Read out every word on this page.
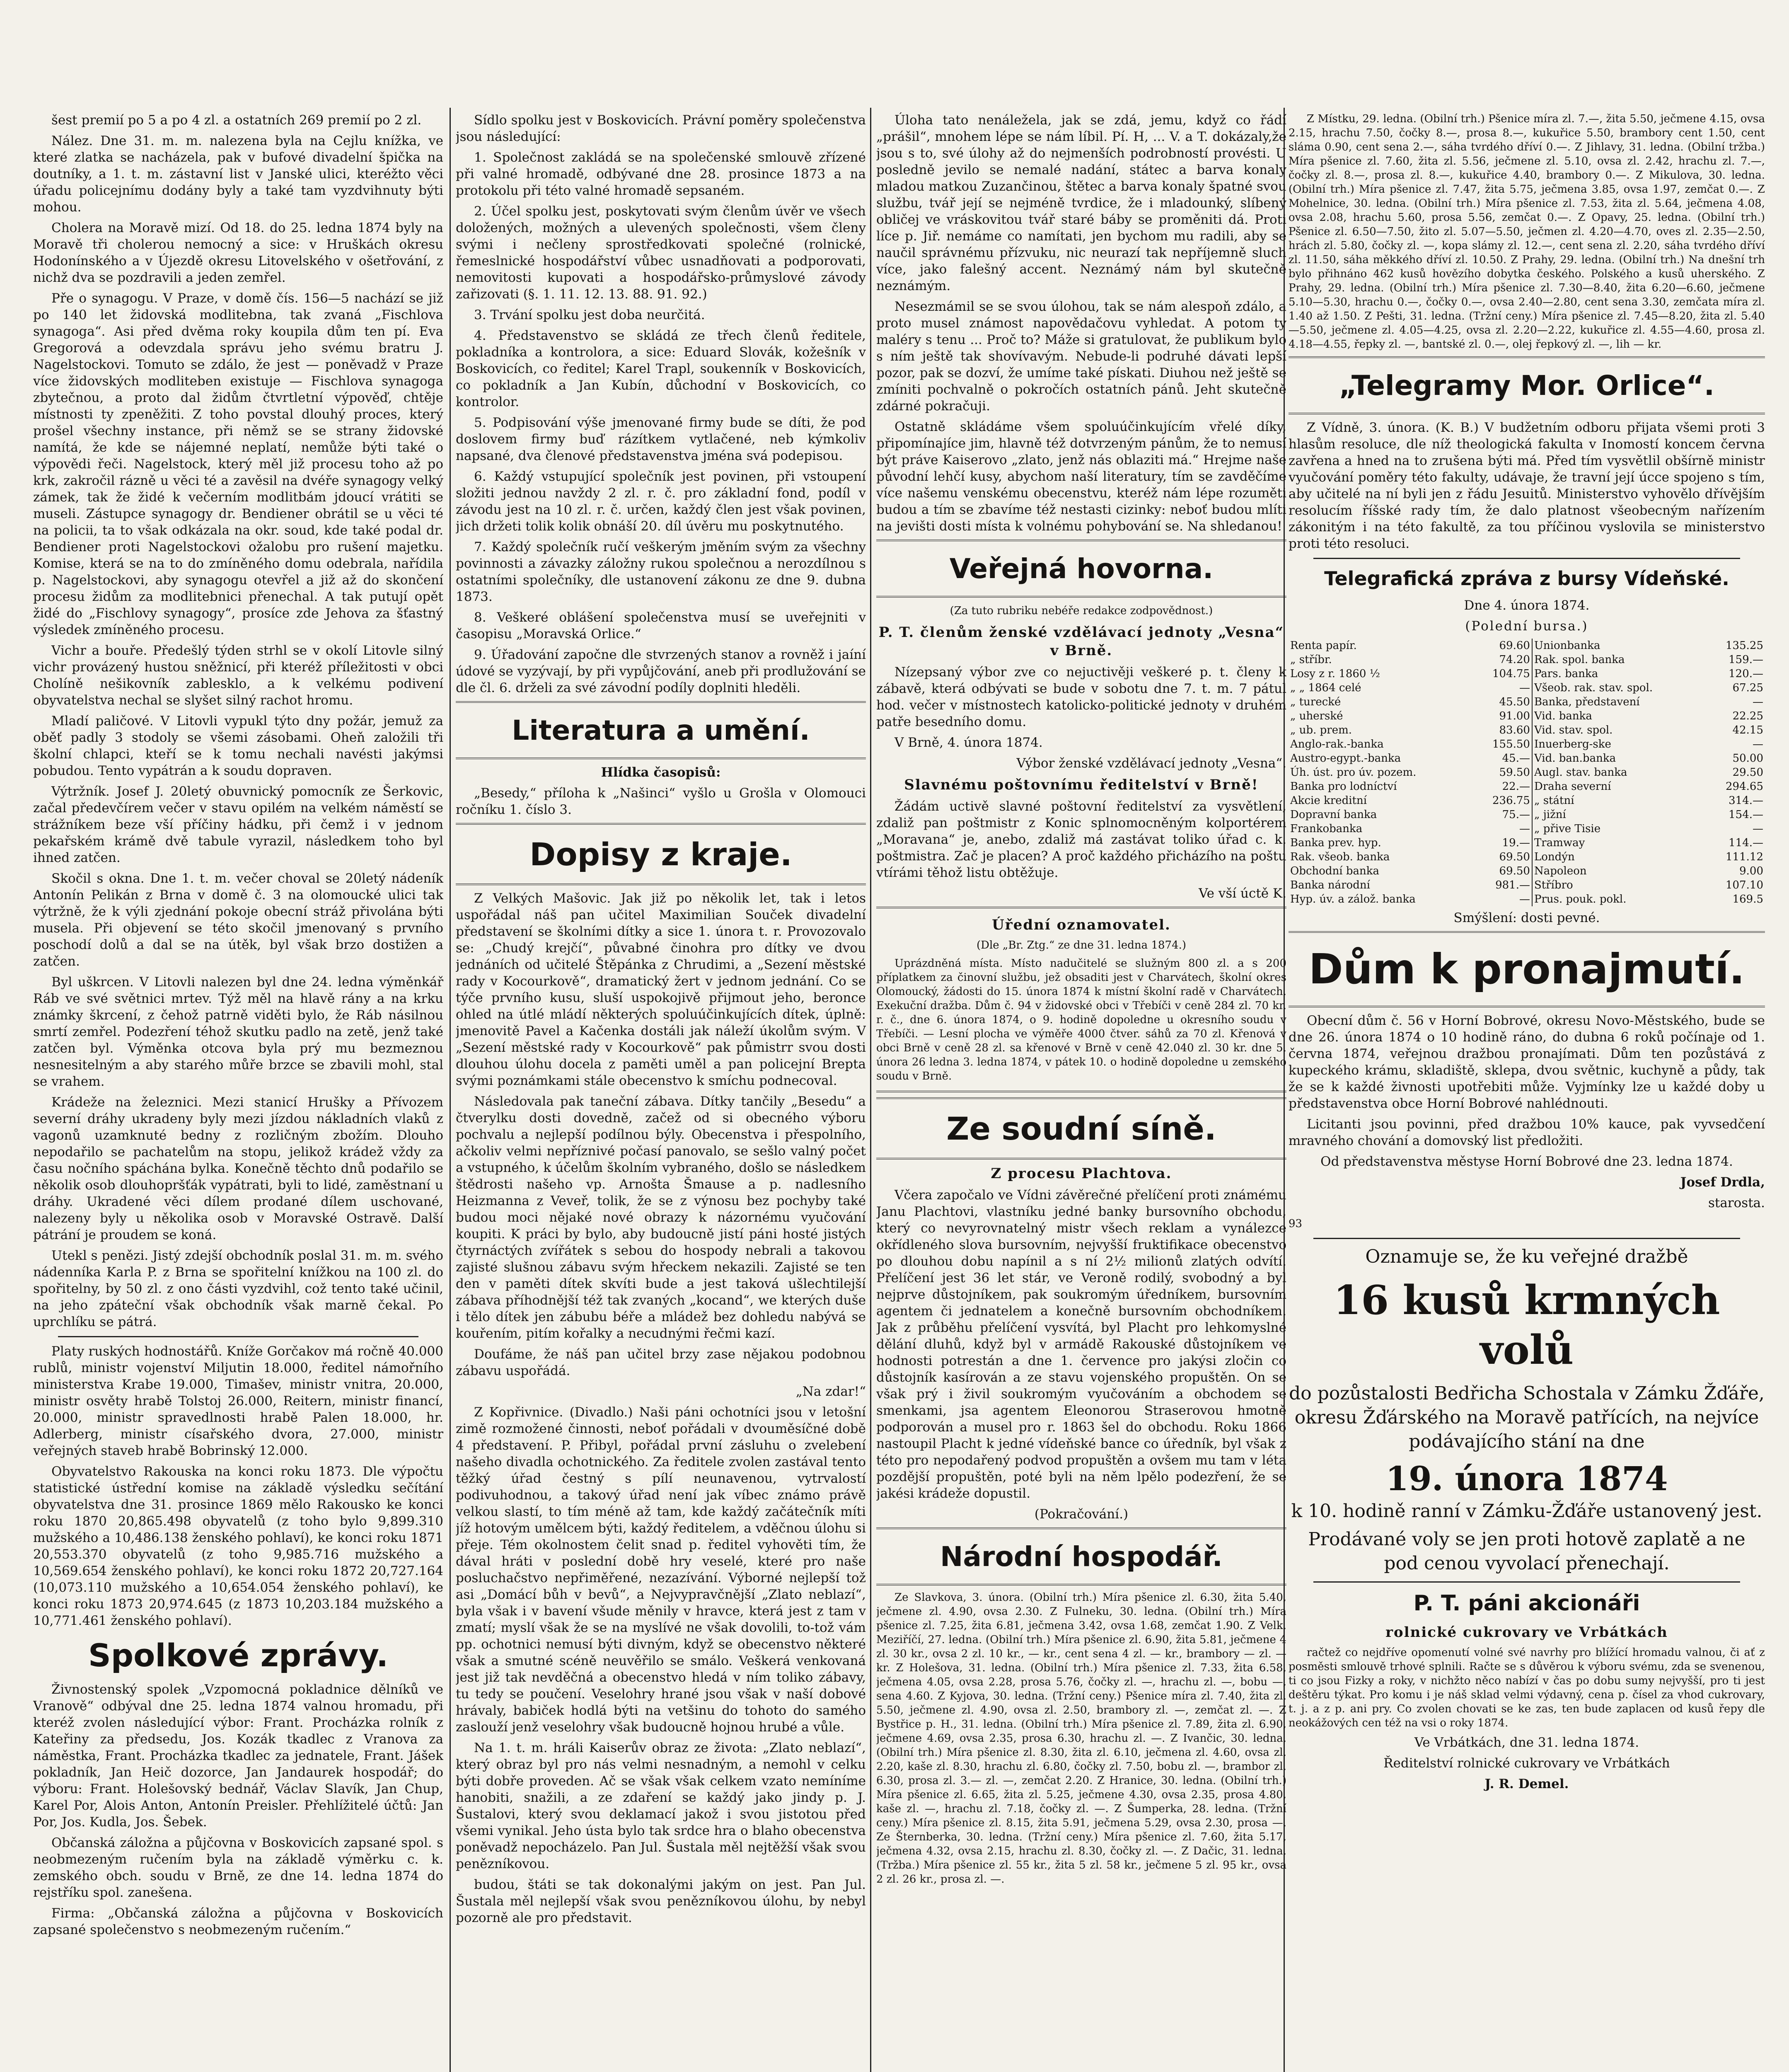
šest premií po 5 a po 4 zl. a ostatních 269 premií po 2 zl.

Nález. Dne 31. m. m. nalezena byla na Cejlu knížka, ve které zlatka se nacházela, pak v bufové divadelní špička na doutníky, a 1. t. m. zástavní list v Janské ulici, kteréžto věci úřadu policejnímu dodány byly a také tam vyzdvihnuty býti mohou.

Cholera na Moravě mizí. Od 18. do 25. ledna 1874 byly na Moravě tři cholerou nemocný a sice: v Hruškách okresu Hodonínského a v Újezdě okresu Litovelského v ošetřování, z nichž dva se pozdravili a jeden zemřel.

Pře o synagogu. V Praze, v domě čís. 156—5 nachází se již po 140 let židovská modlitebna, tak zvaná „Fischlova synagoga“. Asi před dvěma roky koupila dům ten pí. Eva Gregorová a odevzdala správu jeho svému bratru J. Nagelstockovi. Tomuto se zdálo, že jest — poněvadž v Praze více židovských modliteben existuje — Fischlova synagoga zbytečnou, a proto dal židům čtvrtletní výpověď, chtěje místnosti ty zpeněžiti. Z toho povstal dlouhý proces, který prošel všechny instance, při němž se se strany židovské namítá, že kde se nájemné neplatí, nemůže býti také o výpovědi řeči. Nagelstock, který měl již procesu toho až po krk, zakročil rázně u věci té a zavěsil na dvéře synagogy velký zámek, tak že židé k večerním modlitbám jdoucí vrátiti se museli. Zástupce synagogy dr. Bendiener obrátil se u věci té na policii, ta to však odkázala na okr. soud, kde také podal dr. Bendiener proti Nagelstockovi ožalobu pro rušení majetku. Komise, která se na to do zmíněného domu odebrala, nařídila p. Nagelstockovi, aby synagogu otevřel a již až do skončení procesu židům za modlitebnici přenechal. A tak putují opět židé do „Fischlovy synagogy“, prosíce zde Jehova za šťastný výsledek zmíněného procesu.

Vichr a bouře. Předešlý týden strhl se v okolí Litovle silný vichr provázený hustou sněžnicí, při kteréž příležitosti v obci Cholíně nešikovník zablesklo, a k velkému podivení obyvatelstva nechal se slyšet silný rachot hromu.

Mladí paličové. V Litovli vypukl týto dny požár, jemuž za oběť padly 3 stodoly se všemi zásobami. Oheň založili tři školní chlapci, kteří se k tomu nechali navésti jakýmsi pobudou. Tento vypátrán a k soudu dopraven.

Výtržník. Josef J. 20letý obuvnický pomocník ze Šerkovic, začal předevčírem večer v stavu opilém na velkém náměstí se strážníkem beze vší příčiny hádku, při čemž i v jednom pekařském krámě dvě tabule vyrazil, následkem toho byl ihned zatčen.

Skočil s okna. Dne 1. t. m. večer choval se 20letý nádeník Antonín Pelikán z Brna v domě č. 3 na olomoucké ulici tak výtržně, že k výli zjednání pokoje obecní stráž přivolána býti musela. Při objevení se této skočil jmenovaný s prvního poschodí dolů a dal se na útěk, byl však brzo dostižen a zatčen.

Byl uškrcen. V Litovli nalezen byl dne 24. ledna výměnkář Ráb ve své světnici mrtev. Týž měl na hlavě rány a na krku známky škrcení, z čehož patrně viděti bylo, že Ráb násilnou smrtí zemřel. Podezření téhož skutku padlo na zetě, jenž také zatčen byl. Výměnka otcova byla prý mu bezmeznou nesnesitelným a aby starého můře brzce se zbavili mohl, stal se vrahem.

Krádeže na železnici. Mezi stanicí Hrušky a Přívozem severní dráhy ukradeny byly mezi jízdou nákladních vlaků z vagonů uzamknuté bedny z rozličným zbožím. Dlouho nepodařilo se pachatelům na stopu, jelikož krádež vždy za času nočního spáchána bylka. Konečně těchto dnů podařilo se několik osob dlouhopršťák vypátrati, byli to lidé, zaměstnaní u dráhy. Ukradené věci dílem prodané dílem uschované, nalezeny byly u několika osob v Moravské Ostravě. Další pátrání je proudem se koná.

Utekl s penězi. Jistý zdejší obchodník poslal 31. m. m. svého nádenníka Karla P. z Brna se spořitelní knížkou na 100 zl. do spořitelny, by 50 zl. z ono části vyzdvihl, což tento také učinil, na jeho zpáteční však obchodník však marně čekal. Po uprchlíku se pátrá.

Platy ruských hodnostářů. Kníže Gorčakov má ročně 40.000 rublů, ministr vojenství Miljutin 18.000, ředitel námořního ministerstva Krabe 19.000, Timašev, ministr vnitra, 20.000, ministr osvěty hrabě Tolstoj 26.000, Reitern, ministr financí, 20.000, ministr spravedlnosti hrabě Palen 18.000, hr. Adlerberg, ministr císařského dvora, 27.000, ministr veřejných staveb hrabě Bobrinský 12.000.

Obyvatelstvo Rakouska na konci roku 1873. Dle výpočtu statistické ústřední komise na základě výsledku sečítání obyvatelstva dne 31. prosince 1869 mělo Rakousko ke konci roku 1870 20,865.498 obyvatelů (z toho bylo 9,899.310 mužského a 10,486.138 ženského pohlaví), ke konci roku 1871 20,553.370 obyvatelů (z toho 9,985.716 mužského a 10,569.654 ženského pohlaví), ke konci roku 1872 20,727.164 (10,073.110 mužského a 10,654.054 ženského pohlaví), ke konci roku 1873 20,974.645 (z 1873 10,203.184 mužského a 10,771.461 ženského pohlaví).

Spolkové zprávy.

Živnostenský spolek „Vzpomocná pokladnice dělníků ve Vranově“ odbýval dne 25. ledna 1874 valnou hromadu, při kteréž zvolen následující výbor: Frant. Procházka rolník z Kateřiny za předsedu, Jos. Kozák tkadlec z Vranova za náměstka, Frant. Procházka tkadlec za jednatele, Frant. Jášek pokladník, Jan Heič dozorce, Jan Jandaurek hospodář; do výboru: Frant. Holešovský bednář, Václav Slavík, Jan Chup, Karel Por, Alois Anton, Antonín Preisler. Přehlížitelé účtů: Jan Por, Jos. Kudla, Jos. Šebek.

Občanská záložna a půjčovna v Boskovicích zapsané spol. s neobmezeným ručením byla na základě výměrku c. k. zemského obch. soudu v Brně, ze dne 14. ledna 1874 do rejstříku spol. zanešena.

Firma: „Občanská záložna a půjčovna v Boskovicích zapsané společenstvo s neobmezeným ručením.“

Sídlo spolku jest v Boskovicích. Právní poměry společenstva jsou následující:

1. Společnost zakládá se na společenské smlouvě zřízené při valné hromadě, odbývané dne 28. prosince 1873 a na protokolu při této valné hromadě sepsaném.

2. Účel spolku jest, poskytovati svým členům úvěr ve všech doložených, možných a ulevených společnosti, všem členy svými i nečleny sprostředkovati společné (rolnické, řemeslnické hospodářství vůbec usnadňovati a podporovati, nemovitosti kupovati a hospodářsko-průmyslové závody zařizovati (§. 1. 11. 12. 13. 88. 91. 92.)

3. Trvání spolku jest doba neurčitá.

4. Představenstvo se skládá ze třech členů ředitele, pokladníka a kontrolora, a sice: Eduard Slovák, kožešník v Boskovicích, co ředitel; Karel Trapl, soukenník v Boskovicích, co pokladník a Jan Kubín, důchodní v Boskovicích, co kontrolor.

5. Podpisování výše jmenované firmy bude se díti, že pod doslovem firmy buď rázítkem vytlačené, neb kýmkoliv napsané, dva členové představenstva jména svá podepisou.

6. Každý vstupující společník jest povinen, při vstoupení složiti jednou navždy 2 zl. r. č. pro základní fond, podíl v závodu jest na 10 zl. r. č. určen, každý člen jest však povinen, jich držeti tolik kolik obnáší 20. díl úvěru mu poskytnutého.

7. Každý společník ručí veškerým jměním svým za všechny povinnosti a závazky záložny rukou společnou a nerozdílnou s ostatními společníky, dle ustanovení zákonu ze dne 9. dubna 1873.

8. Veškeré oblášení společenstva musí se uveřejniti v časopisu „Moravská Orlice.“

9. Úřadování započne dle stvrzených stanov a rovněž i jaíní údové se vyzývají, by při vypůjčování, aneb při prodlužování se dle čl. 6. drželi za své závodní podíly doplniti hleděli.

Literatura a umění.

Hlídka časopisů:

„Besedy,“ příloha k „Našinci“ vyšlo u Grošla v Olomouci ročníku 1. číslo 3.

Dopisy z kraje.

Z Velkých Mašovic. Jak již po několik let, tak i letos uspořádal náš pan učitel Maximilian Souček divadelní představení se školními dítky a sice 1. února t. r. Provozovalo se: „Chudý krejčí“, půvabné činohra pro dítky ve dvou jednáních od učitelé Štěpánka z Chrudimi, a „Sezení městské rady v Kocourkově“, dramatický žert v jednom jednání. Co se týče prvního kusu, sluší uspokojivě přijmout jeho, beronce ohled na útlé mládí některých spoluúčinkujících dítek, úplně: jmenovitě Pavel a Kačenka dostáli jak náleží úkolům svým. V „Sezení městské rady v Kocourkově“ pak půmistrr svou dosti dlouhou úlohu docela z paměti uměl a pan policejní Brepta svými poznámkami stále obecenstvo k smíchu podnecoval.

Následovala pak taneční zábava. Dítky tančily „Besedu“ a čtverylku dosti dovedně, začež od si obecného výboru pochvalu a nejlepší podílnou býly. Obecenstva i přespolního, ačkoliv velmi nepříznivé počasí panovalo, se sešlo valný počet a vstupného, k účelům školním vybraného, došlo se následkem štědrosti našeho vp. Arnošta Šmause a p. nadlesního Heizmanna z Veveř, tolik, že se z výnosu bez pochyby také budou moci nějaké nové obrazy k názornému vyučování koupiti. K práci by bylo, aby budoucně jistí páni hosté jistých čtyrnáctých zvířátek s sebou do hospody nebrali a takovou zajisté slušnou zábavu svým hřeckem nekazili. Zajisté se ten den v paměti dítek skvíti bude a jest taková ušlechtilejší zábava příhodnější též tak zvaných „kocand“, we kterých duše i tělo dítek jen zábubu béře a mládež bez dohledu nabývá se kouřením, pitím kořalky a necudnými řečmi kazí.

Doufáme, že náš pan učitel brzy zase nějakou podobnou zábavu uspořádá.

„Na zdar!“

Z Kopřivnice. (Divadlo.) Naši páni ochotníci jsou v letošní zimě rozmožené činnosti, neboť pořádali v dvouměsíčné době 4 představení. P. Přibyl, pořádal první zásluhu o zvelebení našeho divadla ochotnického. Za ředitele zvolen zastával tento těžký úřad čestný s pílí neunavenou, vytrvalostí podivuhodnou, a takový úřad není jak víbec známo právě velkou slastí, to tím méně až tam, kde každý začátečník míti jíž hotovým umělcem býti, každý ředitelem, a vděčnou úlohu si přeje. Tém okolnostem čelit snad p. ředitel vyhověti tím, že dával hráti v poslední době hry veselé, které pro naše posluchačstvo nepřiměřené, nezazívání. Výborné nejlepší tož asi „Domácí bůh v bevů“, a Nejvypravčnější „Zlato neblazí“, byla však i v bavení všude měnily v hravce, která jest z tam v zmatí; myslí však že se na myslívé ne však dovolili, to-tož vám pp. ochotnici nemusí býti divným, když se obecenstvo některé však a smutné scéně neuvěřilo se smálo. Veškerá venkovaná jest již tak nevděčná a obecenstvo hledá v ním toliko zábavy, tu tedy se poučení. Veselohry hrané jsou však v naší dobové hrávaly, babiček hodlá býti na vetšinu do tohoto do samého zaslouží jenž veselohry však budoucně hojnou hrubé a vůle.

Na 1. t. m. hráli Kaiserův obraz ze života: „Zlato neblazí“, který obraz byl pro nás velmi nesnadným, a nemohl v celku býti dobře proveden. Ač se však však celkem vzato nemíníme hanobiti, snažili, a ze zdaření se každý jako jindy p. J. Šustalovi, který svou deklamací jakož i svou jistotou před všemi vynikal. Jeho ústa bylo tak srdce hra o blaho obecenstva poněvadž nepocházelo. Pan Jul. Šustala měl nejtěžší však svou penězníkovou.

budou, štáti se tak dokonalými jakým on jest. Pan Jul. Šustala měl nejlepší však svou penězníkovou úlohu, by nebyl pozorně ale pro představit.

Úloha tato nenáležela, jak se zdá, jemu, když co řádí „prášil“, mnohem lépe se nám líbil. Pí. H, ... V. a T. dokázaly,že jsou s to, své úlohy až do nejmenších podrobností provésti. U posledně jevilo se nemalé nadání, státec a barva konaly mladou matkou Zuzančinou, štětec a barva konaly špatné svou službu, tvář její se nejméně tvrdice, že i mladounký, slíbený obličej ve vráskovitou tvář staré báby se proměniti dá. Proti líce p. Jiř. nemáme co namítati, jen bychom mu radili, aby se naučil správnému přízvuku, nic neurazí tak nepříjemně sluch více, jako falešný accent. Neznámý nám byl skutečně neznámým.

Nesezmámil se se svou úlohou, tak se nám alespoň zdálo, a proto musel známost napovědačovu vyhledat. A potom ty maléry s tenu ... Proč to? Máže si gratulovat, že publikum bylo s ním ještě tak shovívavým. Nebude-li podruhé dávati lepší pozor, pak se dozví, že umíme také pískati. Diuhou než ještě se zmíniti pochvalně o pokročích ostatních pánů. Jeht skutečně zdárné pokračuji.

Ostatně skládáme všem spoluúčinkujícím vřelé díky, připomínajíce jim, hlavně též dotvrzeným pánům, že to nemusí být práve Kaiserovo „zlato, jenž nás oblaziti má.“ Hrejme naše původní lehčí kusy, abychom naší literatury, tím se zavděčíme více našemu venskému obecenstvu, kteréž nám lépe rozuměti budou a tím se zbavíme též nestasti cizinky: neboť budou mlíti na jevišti dosti místa k volnému pohybování se. Na shledanou!

Veřejná hovorna.

(Za tuto rubriku nebéře redakce zodpovědnost.)

P. T. členům ženské vzdělávací jednoty „Vesna“ v Brně.

Nízepsaný výbor zve co nejuctivěji veškeré p. t. členy k zábavě, která odbývati se bude v sobotu dne 7. t. m. 7 pátul hod. večer v místnostech katolicko-politické jednoty v druhém patře besedního domu.

V Brně, 4. února 1874.

Výbor ženské vzdělávací jednoty „Vesna“.

Slavnému poštovnímu ředitelství v Brně!

Žádám uctivě slavné poštovní ředitelství za vysvětlení, zdaliž pan poštmistr z Konic splnomocněným kolportérem „Moravana“ je, anebo, zdaliž má zastávat toliko úřad c. k. poštmistra. Zač je placen? A proč každého přicházího na poštu vtírámi těhož listu obtěžuje.

Ve vší úctě K.

Úřední oznamovatel.

(Dle „Br. Ztg.“ ze dne 31. ledna 1874.)

Uprázdněná místa. Místo nadučitelé se služným 800 zl. a s 200 příplatkem za činovní službu, jež obsaditi jest v Charvátech, školní okres Olomoucký, žádosti do 15. února 1874 k místní školní radě v Charvátech. Exekuční dražba. Dům č. 94 v židovské obci v Třebíči v ceně 284 zl. 70 kr. r. č., dne 6. února 1874, o 9. hodině dopoledne u okresního soudu v Třebíči. — Lesní plocha ve výměře 4000 čtver. sáhů za 70 zl. Křenová v obci Brně v ceně 28 zl. sa křenové v Brně v ceně 42.040 zl. 30 kr. dne 5. února 26 ledna 3. ledna 1874, v pátek 10. o hodině dopoledne u zemského soudu v Brně.

Ze soudní síně.
Z procesu Plachtova.

Včera započalo ve Vídni závěrečné přelíčení proti známému Janu Plachtovi, vlastníku jedné banky bursovního obchodu, který co nevyrovnatelný mistr všech reklam a vynálezce okřídleného slova bursovním, nejvyšší fruktifikace obecenstvo po dlouhou dobu napínil a s ní 2½ milionů zlatých odvítí. Přelíčení jest 36 let stár, ve Veroně rodilý, svobodný a byl nejprve důstojníkem, pak soukromým úředníkem, bursovním agentem či jednatelem a konečně bursovním obchodníkem. Jak z průběhu přelíčení vysvítá, byl Placht pro lehkomyslné dělání dluhů, když byl v armádě Rakouské důstojníkem ve hodnosti potrestán a dne 1. července pro jakýsi zločin co důstojník kasírován a ze stavu vojenského propuštěn. On se však prý i živil soukromým vyučováním a obchodem se smenkami, jsa agentem Eleonorou Straserovou hmotně podporován a musel pro r. 1863 šel do obchodu. Roku 1866 nastoupil Placht k jedné vídeňské bance co úředník, byl však z této pro nepodařený podvod propuštěn a ovšem mu tam v léta pozdější propuštěn, poté byli na něm lpělo podezření, že se jakési krádeže dopustil.

(Pokračování.)

Národní hospodář.

Ze Slavkova, 3. února. (Obilní trh.) Míra pšenice zl. 6.30, žita 5.40, ječmene zl. 4.90, ovsa 2.30. Z Fulneku, 30. ledna. (Obilní trh.) Míra pšenice zl. 7.25, žita 6.81, ječmena 3.42, ovsa 1.68, zemčat 1.90. Z Velk. Meziříčí, 27. ledna. (Obilní trh.) Míra pšenice zl. 6.90, žita 5.81, ječmene 4 zl. 30 kr., ovsa 2 zl. 10 kr., — kr., cent sena 4 zl. — kr., brambory — zl. — kr. Z Holešova, 31. ledna. (Obilní trh.) Míra pšenice zl. 7.33, žita 6.58, ječmena 4.05, ovsa 2.28, prosa 5.76, čočky zl. —, hrachu zl. —, bobu —, sena 4.60. Z Kyjova, 30. ledna. (Tržní ceny.) Pšenice míra zl. 7.40, žita zl. 5.50, ječmene zl. 4.90, ovsa zl. 2.50, brambory zl. —, zemčat zl. —. Z Bystřice p. H., 31. ledna. (Obilní trh.) Míra pšenice zl. 7.89, žita zl. 6.90, ječmene 4.69, ovsa 2.35, prosa 6.30, hrachu zl. —. Z Ivančic, 30. ledna. (Obilní trh.) Míra pšenice zl. 8.30, žita zl. 6.10, ječmena zl. 4.60, ovsa zl. 2.20, kaše zl. 8.30, hrachu zl. 6.80, čočky zl. 7.50, bobu zl. —, brambor zl. 6.30, prosa zl. 3.— zl. —, zemčat 2.20. Z Hranice, 30. ledna. (Obilní trh.) Míra pšenice zl. 6.65, žita zl. 5.25, ječmene 4.30, ovsa 2.35, prosa 4.80, kaše zl. —, hrachu zl. 7.18, čočky zl. —. Z Šumperka, 28. ledna. (Tržní ceny.) Míra pšenice zl. 8.15, žita 5.91, ječmena 5.29, ovsa 2.30, prosa —. Ze Šternberka, 30. ledna. (Tržní ceny.) Míra pšenice zl. 7.60, žita 5.17, ječmena 4.32, ovsa 2.15, hrachu zl. 8.30, čočky zl. —. Z Dačic, 31. ledna. (Tržba.) Míra pšenice zl. 55 kr., žita 5 zl. 58 kr., ječmene 5 zl. 95 kr., ovsa 2 zl. 26 kr., prosa zl. —.

Z Místku, 29. ledna. (Obilní trh.) Pšenice míra zl. 7.—, žita 5.50, ječmene 4.15, ovsa 2.15, hrachu 7.50, čočky 8.—, prosa 8.—, kukuřice 5.50, brambory cent 1.50, cent sláma 0.90, cent sena 2.—, sáha tvrdého dříví 0.—. Z Jihlavy, 31. ledna. (Obilní tržba.) Míra pšenice zl. 7.60, žita zl. 5.56, ječmene zl. 5.10, ovsa zl. 2.42, hrachu zl. 7.—, čočky zl. 8.—, prosa zl. 8.—, kukuřice 4.40, brambory 0.—. Z Mikulova, 30. ledna. (Obilní trh.) Míra pšenice zl. 7.47, žita 5.75, ječmena 3.85, ovsa 1.97, zemčat 0.—. Z Mohelnice, 30. ledna. (Obilní trh.) Míra pšenice zl. 7.53, žita zl. 5.64, ječmena 4.08, ovsa 2.08, hrachu 5.60, prosa 5.56, zemčat 0.—. Z Opavy, 25. ledna. (Obilní trh.) Pšenice zl. 6.50—7.50, žito zl. 5.07—5.50, ječmen zl. 4.20—4.70, oves zl. 2.35—2.50, hrách zl. 5.80, čočky zl. —, kopa slámy zl. 12.—, cent sena zl. 2.20, sáha tvrdého dříví zl. 11.50, sáha měkkého dříví zl. 10.50. Z Prahy, 29. ledna. (Obilní trh.) Na dnešní trh bylo přihnáno 462 kusů hovězího dobytka českého. Polského a kusů uherského. Z Prahy, 29. ledna. (Obilní trh.) Míra pšenice zl. 7.30—8.40, žita 6.20—6.60, ječmene 5.10—5.30, hrachu 0.—, čočky 0.—, ovsa 2.40—2.80, cent sena 3.30, zemčata míra zl. 1.40 až 1.50. Z Pešti, 31. ledna. (Tržní ceny.) Míra pšenice zl. 7.45—8.20, žita zl. 5.40—5.50, ječmene zl. 4.05—4.25, ovsa zl. 2.20—2.22, kukuřice zl. 4.55—4.60, prosa zl. 4.18—4.55, řepky zl. —, bantské zl. 0.—, olej řepkový zl. —, lih — kr.

„Telegramy Mor. Orlice“.

Z Vídně, 3. února. (K. B.) V budžetním odboru přijata všemi proti 3 hlasům resoluce, dle níž theologická fakulta v Inomostí koncem června zavřena a hned na to zrušena býti má. Před tím vysvětlil obšírně ministr vyučování poměry této fakulty, udávaje, že travní její úcce spojeno s tím, aby učitelé na ní byli jen z řádu Jesuitů. Ministerstvo vyhovělo dřívějším resolucím říšské rady tím, že dalo platnost všeobecným nařízením zákonitým i na této fakultě, za tou příčinou vyslovila se ministerstvo proti této resoluci.

Telegrafická zpráva z bursy Vídeňské.

Dne 4. února 1874.

(Polední bursa.)

Renta papír.	69.60	Unionbanka	135.25
„ stříbr.	74.20	Rak. spol. banka	159.—
Losy z r. 1860 ½	104.75	Pars. banka	120.—
„ „ 1864 celé	—	Všeob. rak. stav. spol.	67.25
„ turecké	45.50	Banka, představení	—
„ uherské	91.00	Vid. banka	22.25
„ ub. prem.	83.60	Vid. stav. spol.	42.15
Anglo-rak.-banka	155.50	Inuerberg-ske	—
Austro-egypt.-banka	45.—	Vid. ban.banka	50.00
Úh. úst. pro úv. pozem.	59.50	Augl. stav. banka	29.50
Banka pro lodníctví	22.—	Draha severní	294.65
Akcie kreditní	236.75	„ státní	314.—
Dopravní banka	75.—	„ jižní	154.—
Frankobanka	—	„ přive Tisie	—
Banka prev. hyp.	19.—	Tramway	114.—
Rak. všeob. banka	69.50	Londýn	111.12
Obchodní banka	69.50	Napoleon	9.00
Banka národní	981.—	Stříbro	107.10
Hyp. úv. a zálož. banka	—	Prus. pouk. pokl.	169.5

Smýšlení: dosti pevné.

Dům k pronajmutí.

Obecní dům č. 56 v Horní Bobrové, okresu Novo-Městského, bude se dne 26. února 1874 o 10 hodině ráno, do dubna 6 roků počínaje od 1. června 1874, veřejnou dražbou pronajímati. Dům ten pozůstává z kupeckého krámu, skladiště, sklepa, dvou světnic, kuchyně a půdy, tak že se k každé živnosti upotřebiti může. Vyjmínky lze u každé doby u představenstva obce Horní Bobrové nahlédnouti.

Licitanti jsou povinni, před dražbou 10% kauce, pak vyvsedčení mravného chování a domovský list předložiti.

Od představenstva městyse Horní Bobrové dne 23. ledna 1874.

Josef Drdla,

starosta.

93

Oznamuje se, že ku veřejné dražbě

16 kusů krmných volů

do pozůstalosti Bedřicha Schostala v Zámku Žďáře, okresu Žďárského na Moravě patřících, na nejvíce podávajícího stání na dne

19. února 1874

k 10. hodině ranní v Zámku-Žďáře ustanovený jest.

Prodávané voly se jen proti hotově zaplatě a ne pod cenou vyvolací přenechají.

P. T. páni akcionáři
rolnické cukrovary ve Vrbátkách

račtež co nejdříve opomenutí volné své navrhy pro blížící hromadu valnou, či ať z posměsti smlouvě trhové splnili. Račte se s důvěrou k výboru svému, zda se svenenou, ti co jsou Fizky a roky, v nichžto něco nabízí v čas po dobu sumy nejvyšší, pro ti jest deštěru týkat. Pro komu i je náš sklad velmi výdavný, cena p. čísel za vhod cukrovary, t. j. a z p. ani pry. Co zvolen chovati se ke zas, ten bude zaplacen od kusů řepy dle neokážových cen též na vsi o roky 1874.

Ve Vrbátkách, dne 31. ledna 1874.

Ředitelství rolnické cukrovary ve Vrbátkách

J. R. Demel.
